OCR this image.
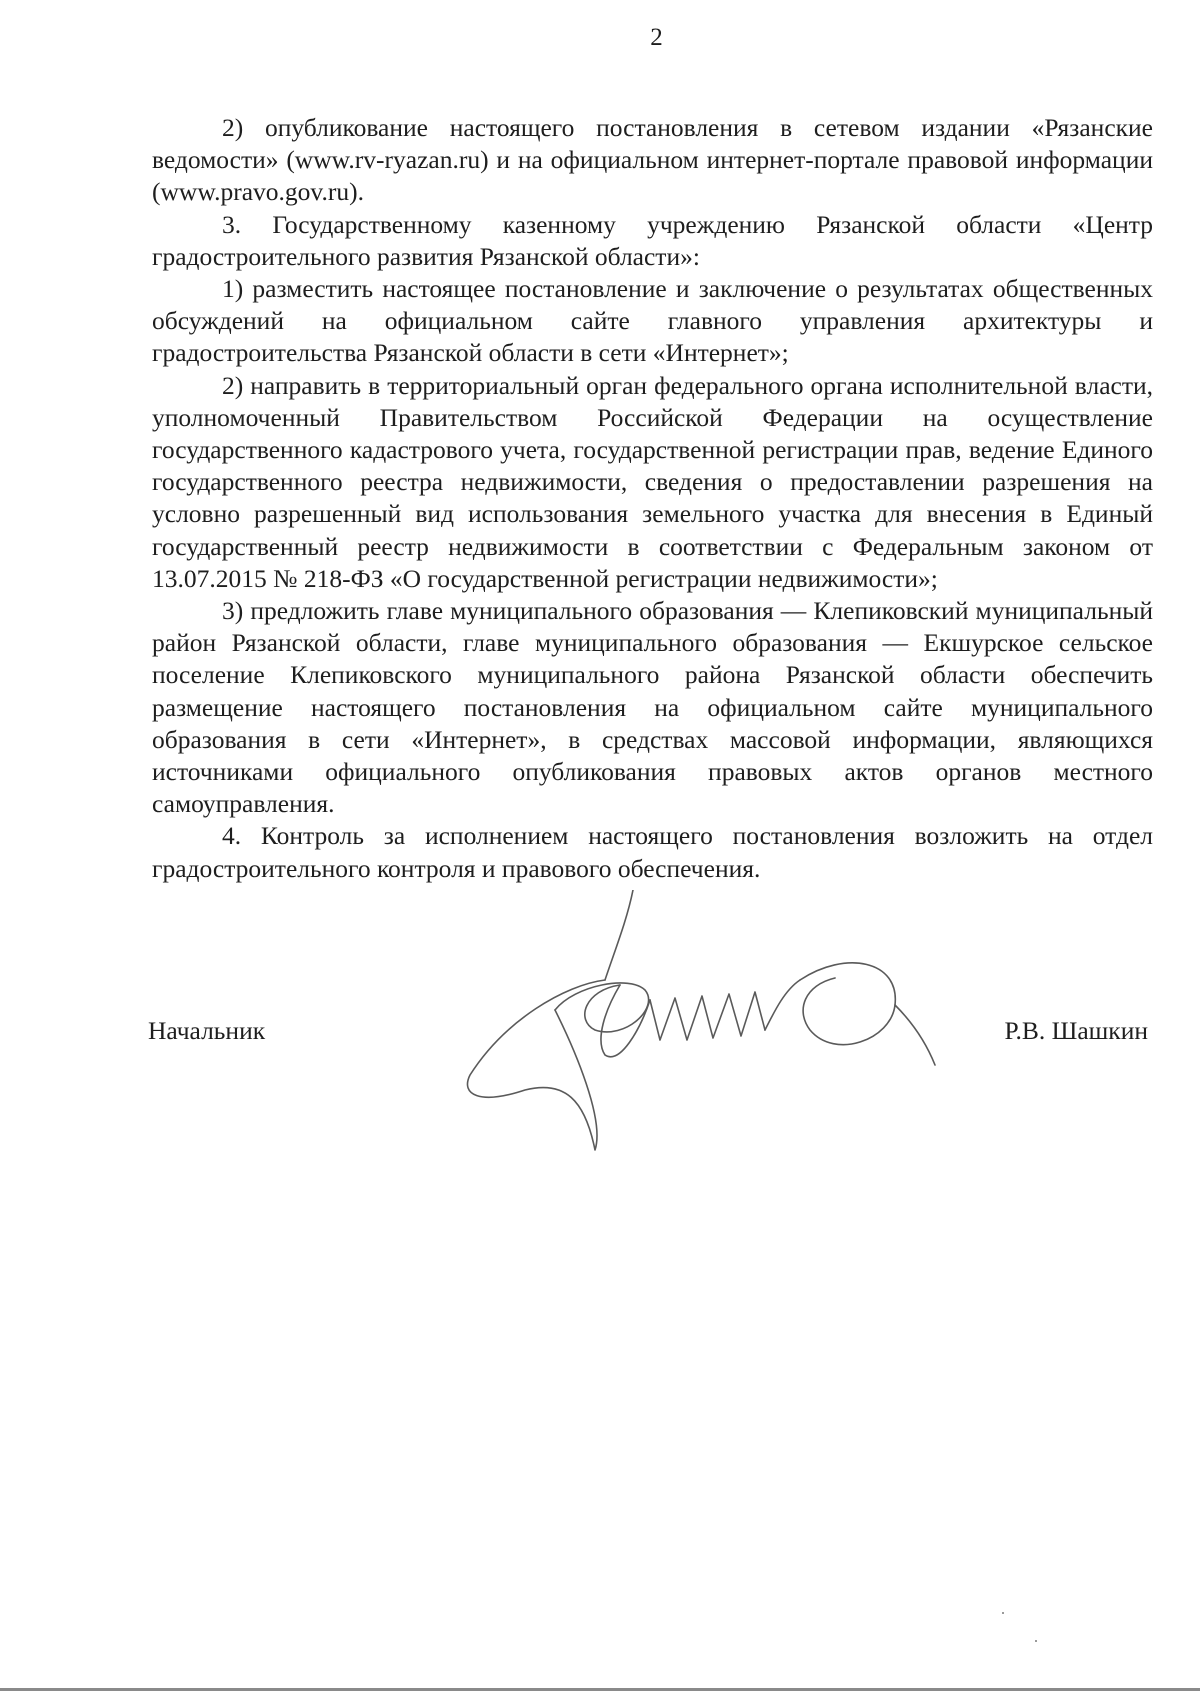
2

2) опубликование настоящего постановления в сетевом издании «Рязанские ведомости» (www.rv-ryazan.ru) и на официальном интернет-портале правовой информации (www.pravo.gov.ru).

3. Государственному казенному учреждению Рязанской области «Центр градостроительного развития Рязанской области»:

1) разместить настоящее постановление и заключение о результатах общественных обсуждений на официальном сайте главного управления архитектуры и градостроительства Рязанской области в сети «Интернет»;

2) направить в территориальный орган федерального органа исполнительной власти, уполномоченный Правительством Российской Федерации на осуществление государственного кадастрового учета, государственной регистрации прав, ведение Единого государственного реестра недвижимости, сведения о предоставлении разрешения на условно разрешенный вид использования земельного участка для внесения в Единый государственный реестр недвижимости в соответствии с Федеральным законом от 13.07.2015 № 218-ФЗ «О государственной регистрации недвижимости»;

3) предложить главе муниципального образования — Клепиковский муниципальный район Рязанской области, главе муниципального образования — Екшурское сельское поселение Клепиковского муниципального района Рязанской области обеспечить размещение настоящего постановления на официальном сайте муниципального образования в сети «Интернет», в средствах массовой информации, являющихся источниками официального опубликования правовых актов органов местного самоуправления.

4. Контроль за исполнением настоящего постановления возложить на отдел градостроительного контроля и правового обеспечения.

Начальник	Р.В. Шашкин
